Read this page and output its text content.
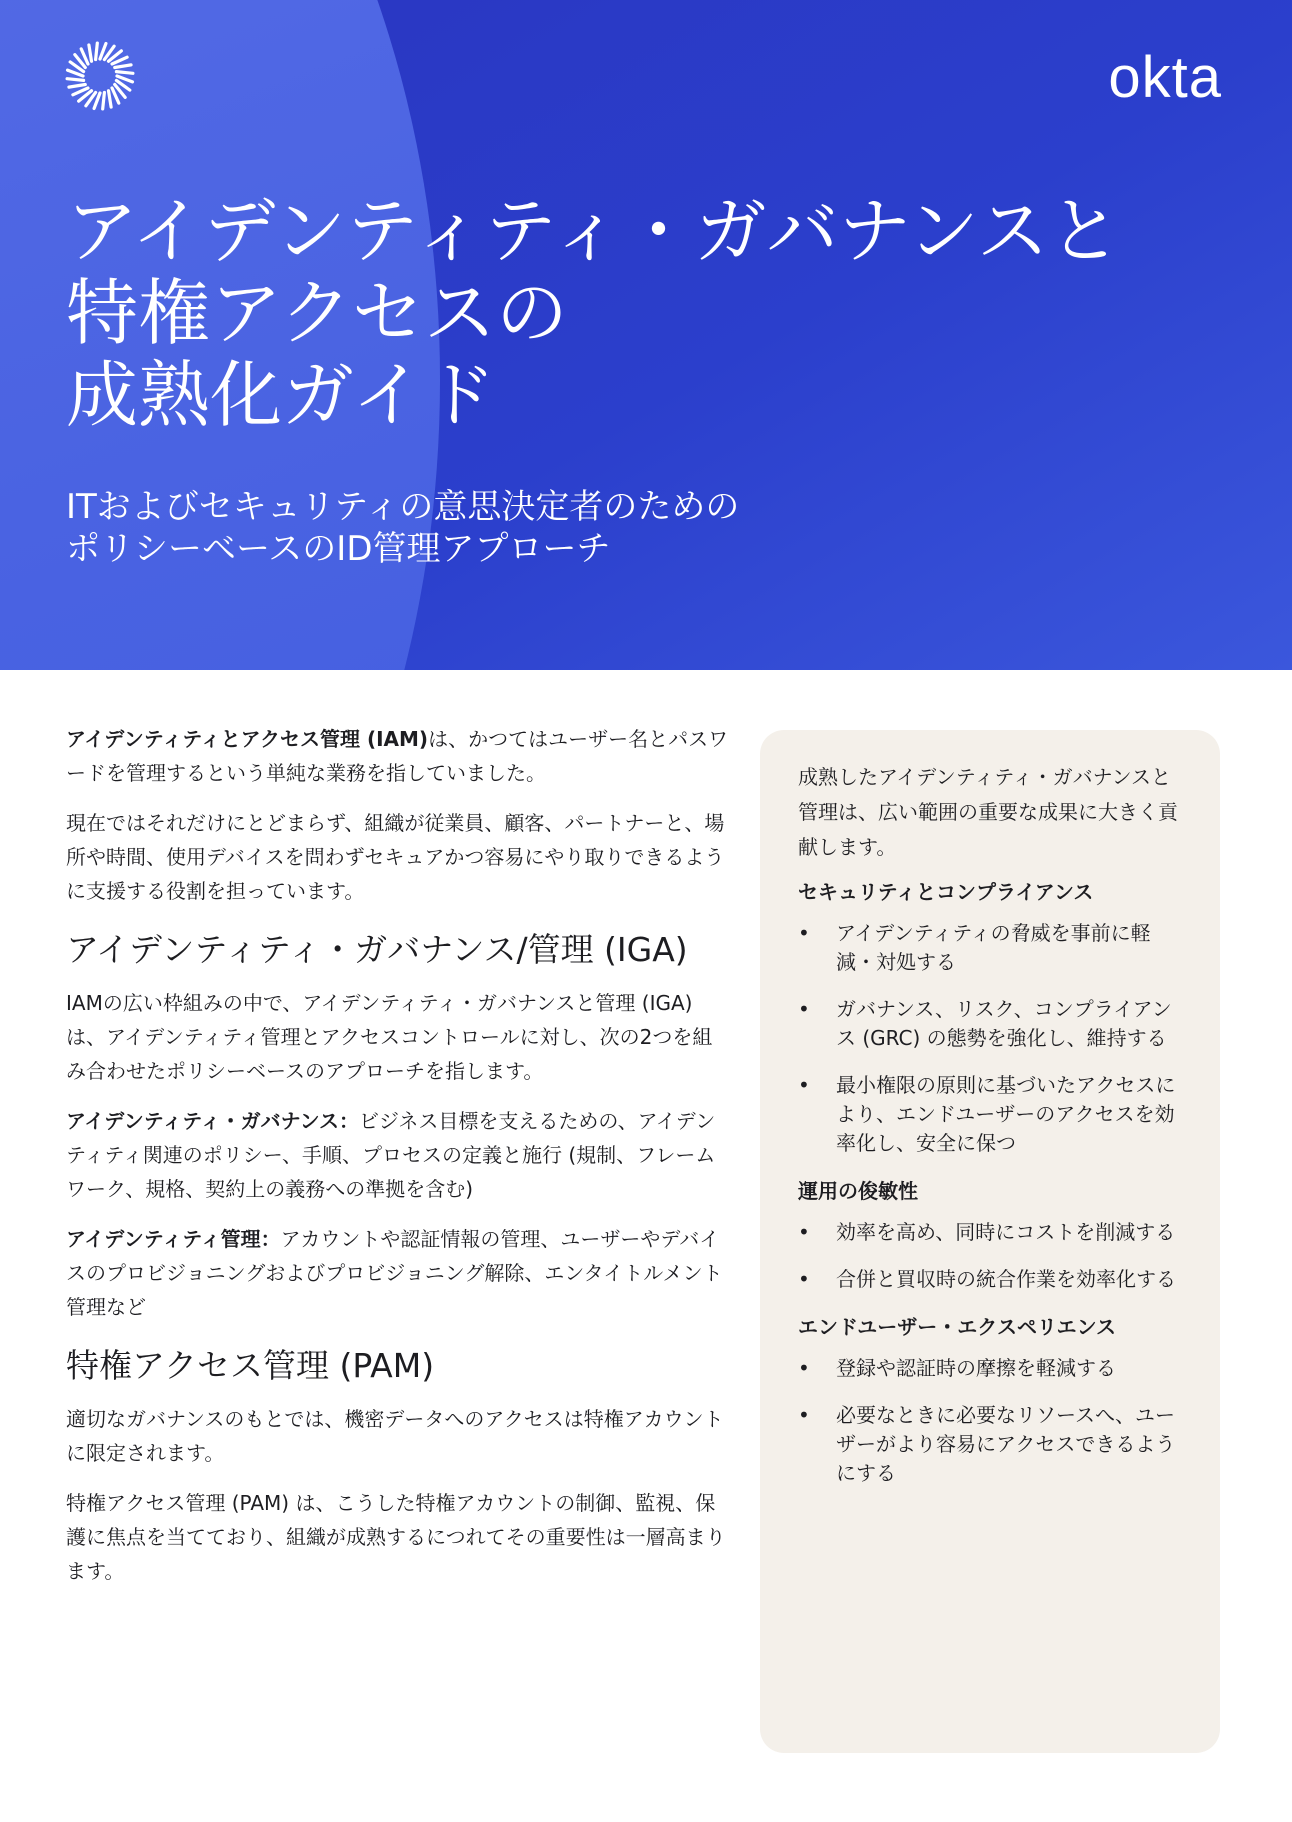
okta
アイデンティティ・ガバナンスと
特権アクセスの
成熟化ガイド

ITおよびセキュリティの意思決定者のための
ポリシーベースのID管理アプローチ

アイデンティティとアクセス管理 (IAM)は、かつてはユーザー名とパスワードを管理するという単純な業務を指していました。

現在ではそれだけにとどまらず、組織が従業員、顧客、パートナーと、場所や時間、使用デバイスを問わずセキュアかつ容易にやり取りできるように支援する役割を担っています。

アイデンティティ・ガバナンス/管理 (IGA)

IAMの広い枠組みの中で、アイデンティティ・ガバナンスと管理 (IGA) は、アイデンティティ管理とアクセスコントロールに対し、次の2つを組み合わせたポリシーベースのアプローチを指します。

アイデンティティ・ガバナンス：ビジネス目標を支えるための、アイデンティティ関連のポリシー、手順、プロセスの定義と施行 (規制、フレームワーク、規格、契約上の義務への準拠を含む)

アイデンティティ管理：アカウントや認証情報の管理、ユーザーやデバイスのプロビジョニングおよびプロビジョニング解除、エンタイトルメント管理など

特権アクセス管理 (PAM)

適切なガバナンスのもとでは、機密データへのアクセスは特権アカウントに限定されます。

特権アクセス管理 (PAM) は、こうした特権アカウントの制御、監視、保護に焦点を当てており、組織が成熟するにつれてその重要性は一層高まります。

成熟したアイデンティティ・ガバナンスと管理は、広い範囲の重要な成果に大きく貢献します。

セキュリティとコンプライアンス
• アイデンティティの脅威を事前に軽減・対処する
• ガバナンス、リスク、コンプライアンス (GRC) の態勢を強化し、維持する
• 最小権限の原則に基づいたアクセスにより、エンドユーザーのアクセスを効率化し、安全に保つ
運用の俊敏性
• 効率を高め、同時にコストを削減する
• 合併と買収時の統合作業を効率化する
エンドユーザー・エクスペリエンス
• 登録や認証時の摩擦を軽減する
• 必要なときに必要なリソースへ、ユーザーがより容易にアクセスできるようにする
